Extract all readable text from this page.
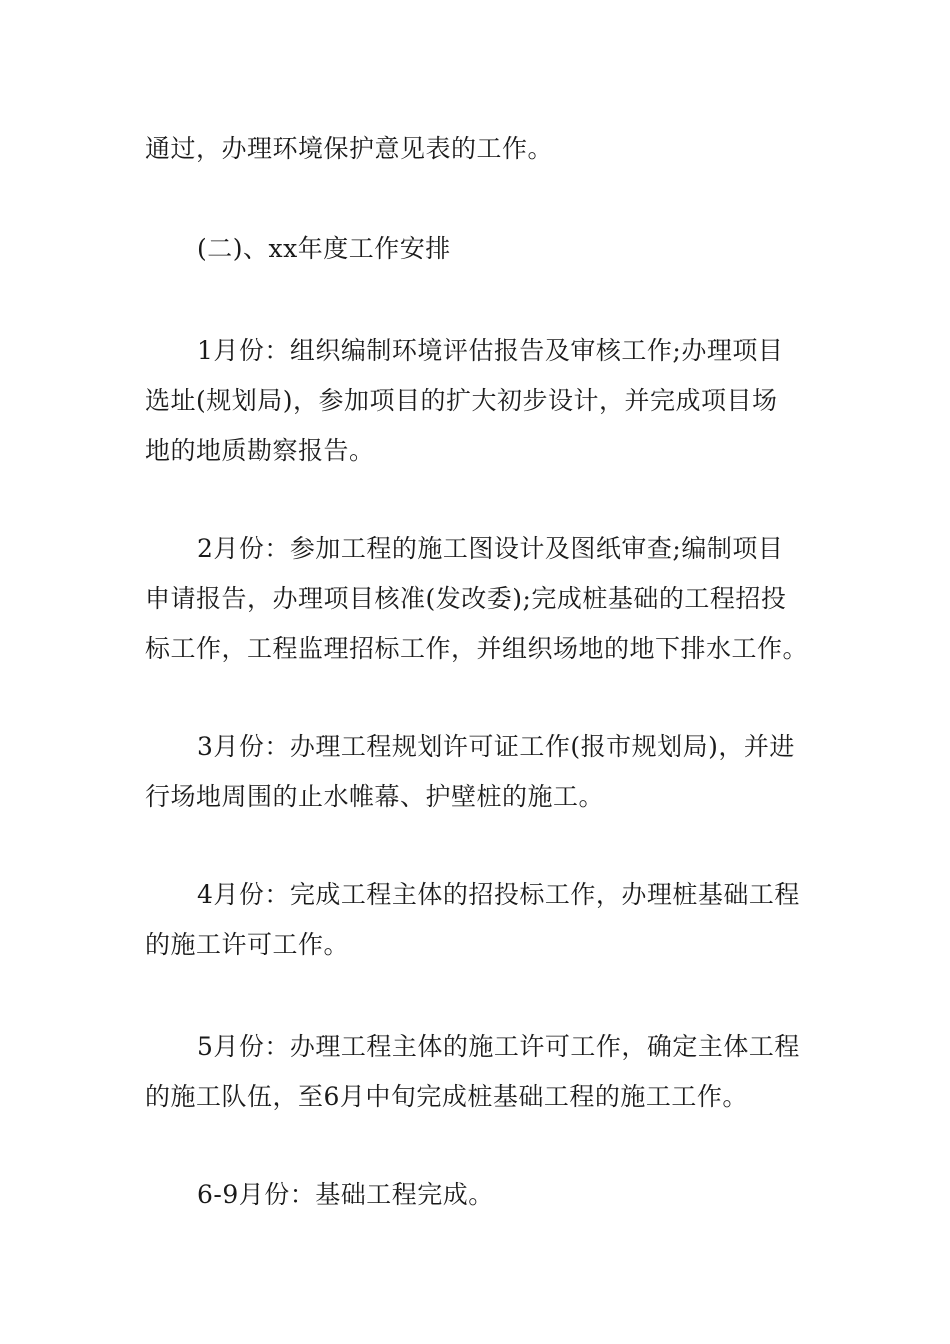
通过，办理环境保护意见表的工作。

(二)、xx年度工作安排

1月份：组织编制环境评估报告及审核工作;办理项目
选址(规划局)，参加项目的扩大初步设计，并完成项目场
地的地质勘察报告。

2月份：参加工程的施工图设计及图纸审查;编制项目
申请报告，办理项目核准(发改委);完成桩基础的工程招投
标工作，工程监理招标工作，并组织场地的地下排水工作。

3月份：办理工程规划许可证工作(报市规划局)，并进
行场地周围的止水帷幕、护壁桩的施工。

4月份：完成工程主体的招投标工作，办理桩基础工程
的施工许可工作。

5月份：办理工程主体的施工许可工作，确定主体工程
的施工队伍，至6月中旬完成桩基础工程的施工工作。

6-9月份：基础工程完成。
